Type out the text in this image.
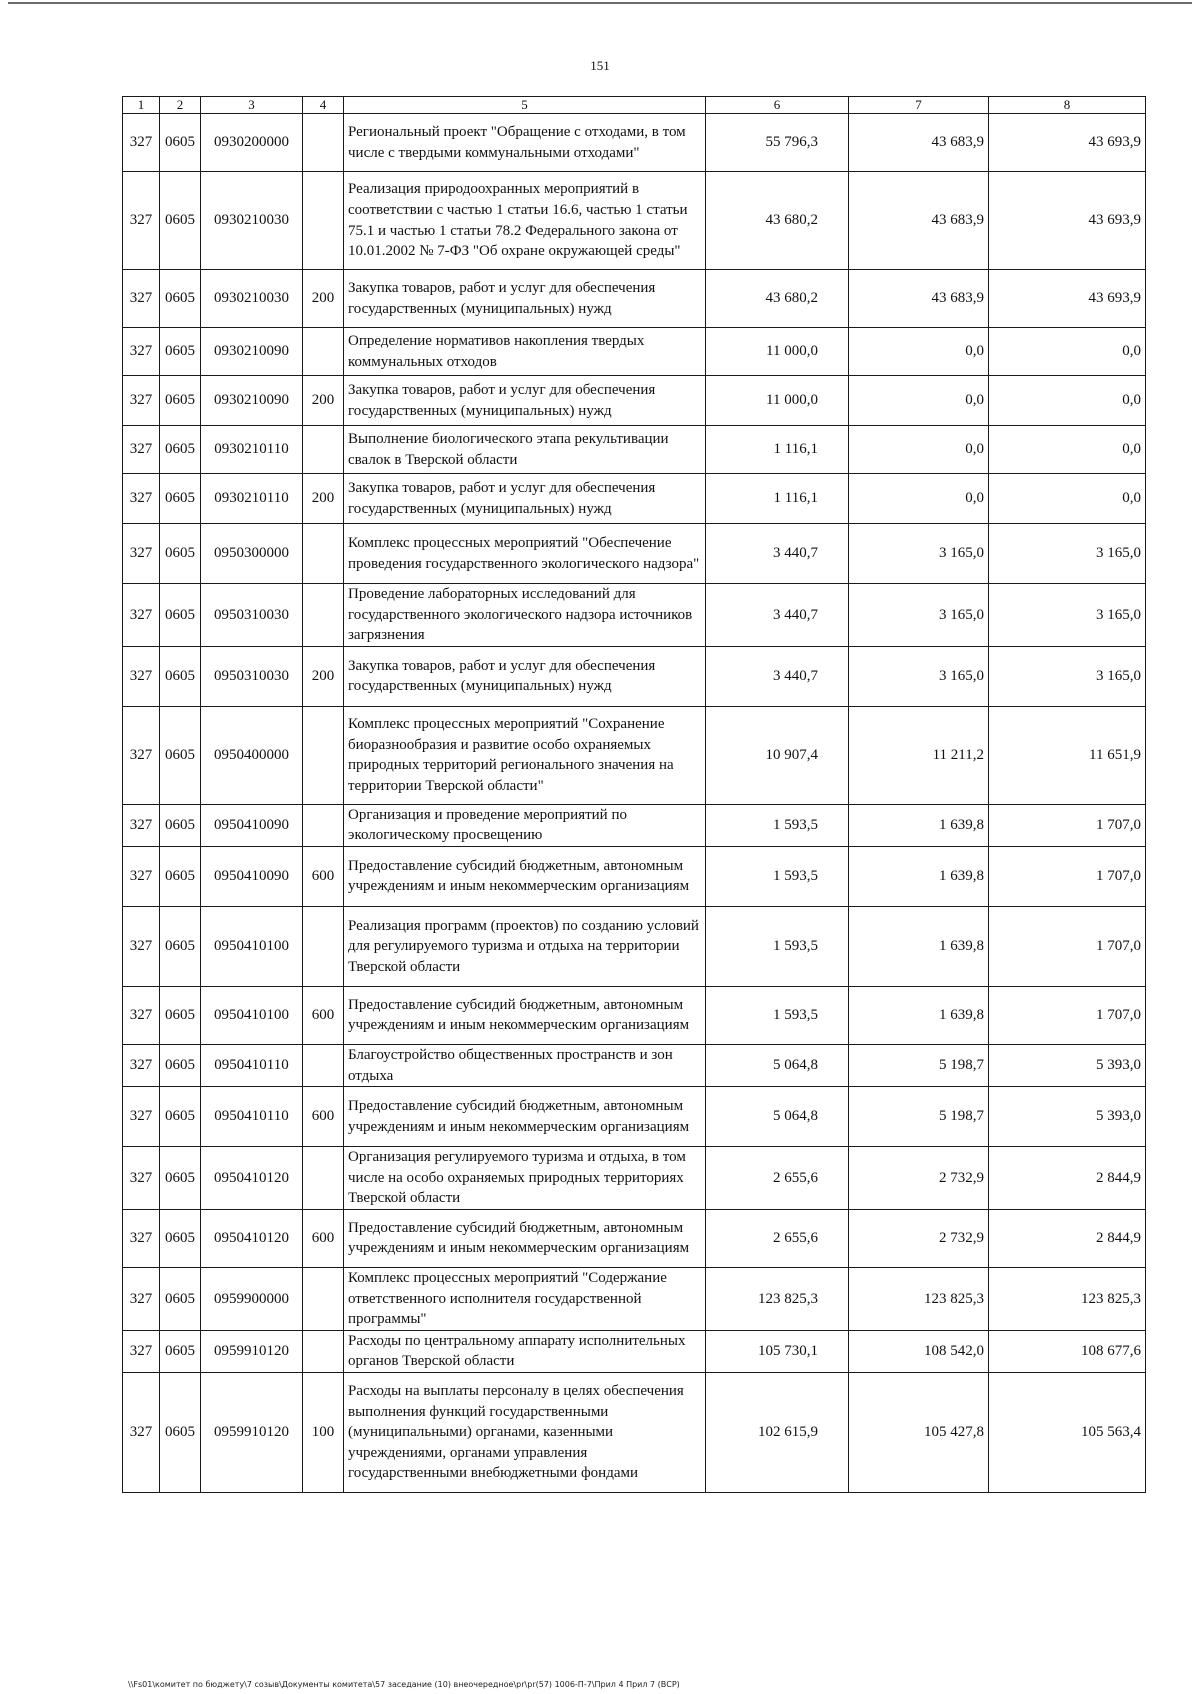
151
1	2	3	4	5	6	7	8
327	0605	0930200000		Региональный проект "Обращение с отходами, в том числе с твердыми коммунальными отходами"	55 796,3	43 683,9	43 693,9
327	0605	0930210030		Реализация природоохранных мероприятий в соответствии с частью 1 статьи 16.6, частью 1 статьи 75.1 и частью 1 статьи 78.2 Федерального закона от 10.01.2002 № 7-ФЗ "Об охране окружающей среды"	43 680,2	43 683,9	43 693,9
327	0605	0930210030	200	Закупка товаров, работ и услуг для обеспечения государственных (муниципальных) нужд	43 680,2	43 683,9	43 693,9
327	0605	0930210090		Определение нормативов накопления твердых коммунальных отходов	11 000,0	0,0	0,0
327	0605	0930210090	200	Закупка товаров, работ и услуг для обеспечения государственных (муниципальных) нужд	11 000,0	0,0	0,0
327	0605	0930210110		Выполнение биологического этапа рекультивации свалок в Тверской области	1 116,1	0,0	0,0
327	0605	0930210110	200	Закупка товаров, работ и услуг для обеспечения государственных (муниципальных) нужд	1 116,1	0,0	0,0
327	0605	0950300000		Комплекс процессных мероприятий "Обеспечение проведения государственного экологического надзора"	3 440,7	3 165,0	3 165,0
327	0605	0950310030		Проведение лабораторных исследований для государственного экологического надзора источников загрязнения	3 440,7	3 165,0	3 165,0
327	0605	0950310030	200	Закупка товаров, работ и услуг для обеспечения государственных (муниципальных) нужд	3 440,7	3 165,0	3 165,0
327	0605	0950400000		Комплекс процессных мероприятий "Сохранение биоразнообразия и развитие особо охраняемых природных территорий регионального значения на территории Тверской области"	10 907,4	11 211,2	11 651,9
327	0605	0950410090		Организация и проведение мероприятий по экологическому просвещению	1 593,5	1 639,8	1 707,0
327	0605	0950410090	600	Предоставление субсидий бюджетным, автономным учреждениям и иным некоммерческим организациям	1 593,5	1 639,8	1 707,0
327	0605	0950410100		Реализация программ (проектов) по созданию условий для регулируемого туризма и отдыха на территории Тверской области	1 593,5	1 639,8	1 707,0
327	0605	0950410100	600	Предоставление субсидий бюджетным, автономным учреждениям и иным некоммерческим организациям	1 593,5	1 639,8	1 707,0
327	0605	0950410110		Благоустройство общественных пространств и зон отдыха	5 064,8	5 198,7	5 393,0
327	0605	0950410110	600	Предоставление субсидий бюджетным, автономным учреждениям и иным некоммерческим организациям	5 064,8	5 198,7	5 393,0
327	0605	0950410120		Организация регулируемого туризма и отдыха, в том числе на особо охраняемых природных территориях Тверской области	2 655,6	2 732,9	2 844,9
327	0605	0950410120	600	Предоставление субсидий бюджетным, автономным учреждениям и иным некоммерческим организациям	2 655,6	2 732,9	2 844,9
327	0605	0959900000		Комплекс процессных мероприятий "Содержание ответственного исполнителя государственной программы"	123 825,3	123 825,3	123 825,3
327	0605	0959910120		Расходы по центральному аппарату исполнительных органов Тверской области	105 730,1	108 542,0	108 677,6
327	0605	0959910120	100	Расходы на выплаты персоналу в целях обеспечения выполнения функций государственными (муниципальными) органами, казенными учреждениями, органами управления государственными внебюджетными фондами	102 615,9	105 427,8	105 563,4
\\Fs01\комитет по бюджету\7 созыв\Документы комитета\57 заседание (10) внеочередное\pr\pr(57) 1006-П-7\Прил 4 Прил 7 (ВСР)
